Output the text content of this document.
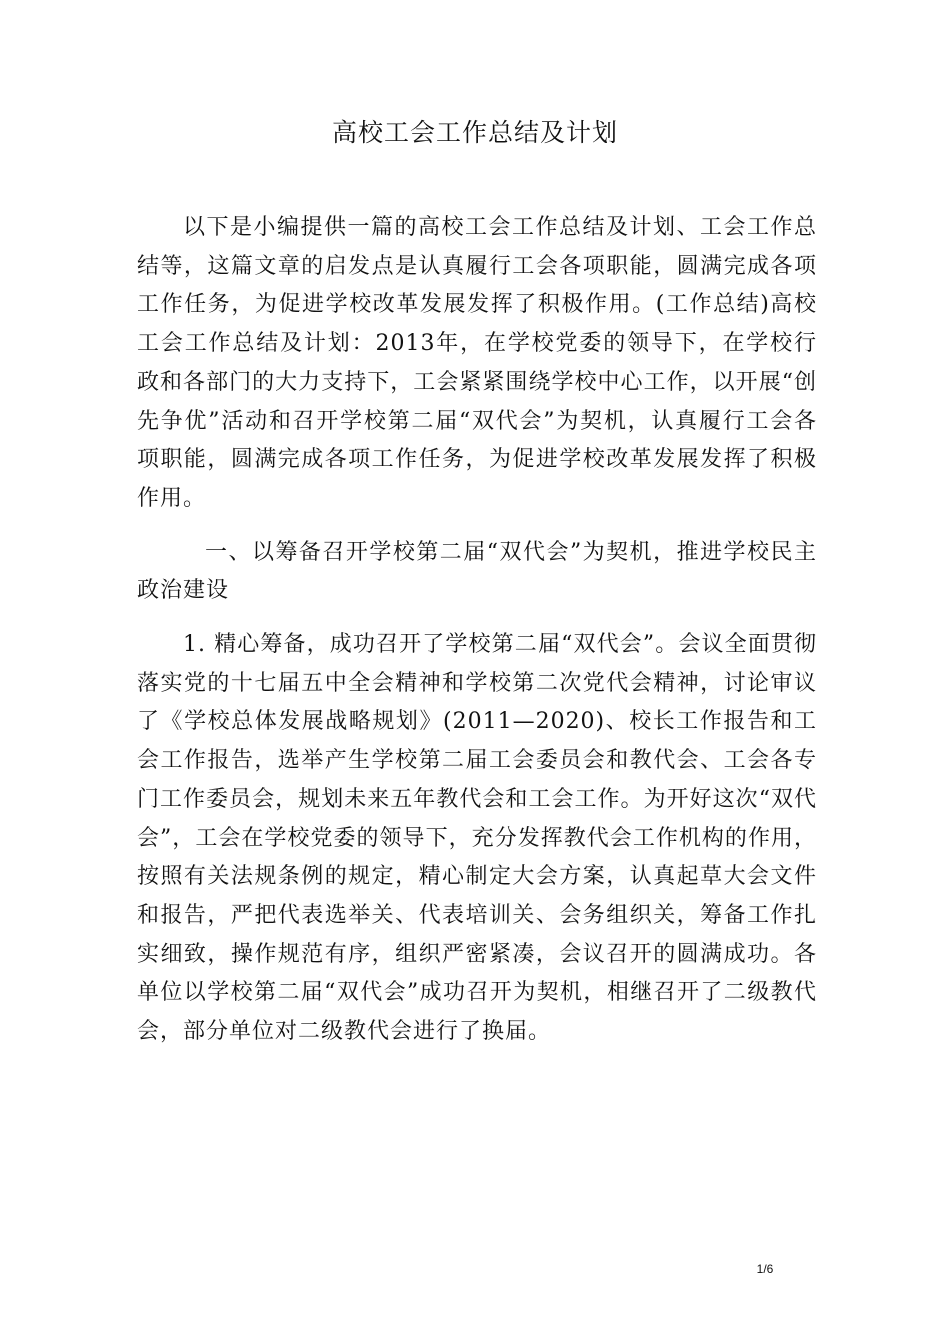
高校工会工作总结及计划

以下是小编提供一篇的高校工会工作总结及计划、工会工作总结等，这篇文章的启发点是认真履行工会各项职能，圆满完成各项工作任务，为促进学校改革发展发挥了积极作用。(工作总结)高校工会工作总结及计划：2013年，在学校党委的领导下，在学校行政和各部门的大力支持下，工会紧紧围绕学校中心工作，以开展“创先争优”活动和召开学校第二届“双代会”为契机，认真履行工会各项职能，圆满完成各项工作任务，为促进学校改革发展发挥了积极作用。

一、以筹备召开学校第二届“双代会”为契机，推进学校民主政治建设

1. 精心筹备，成功召开了学校第二届“双代会”。会议全面贯彻落实党的十七届五中全会精神和学校第二次党代会精神，讨论审议了《学校总体发展战略规划》(2011—2020)、校长工作报告和工会工作报告，选举产生学校第二届工会委员会和教代会、工会各专门工作委员会，规划未来五年教代会和工会工作。为开好这次“双代会”，工会在学校党委的领导下，充分发挥教代会工作机构的作用，按照有关法规条例的规定，精心制定大会方案，认真起草大会文件和报告，严把代表选举关、代表培训关、会务组织关，筹备工作扎实细致，操作规范有序，组织严密紧凑，会议召开的圆满成功。各单位以学校第二届“双代会”成功召开为契机，相继召开了二级教代会，部分单位对二级教代会进行了换届。

1/6
